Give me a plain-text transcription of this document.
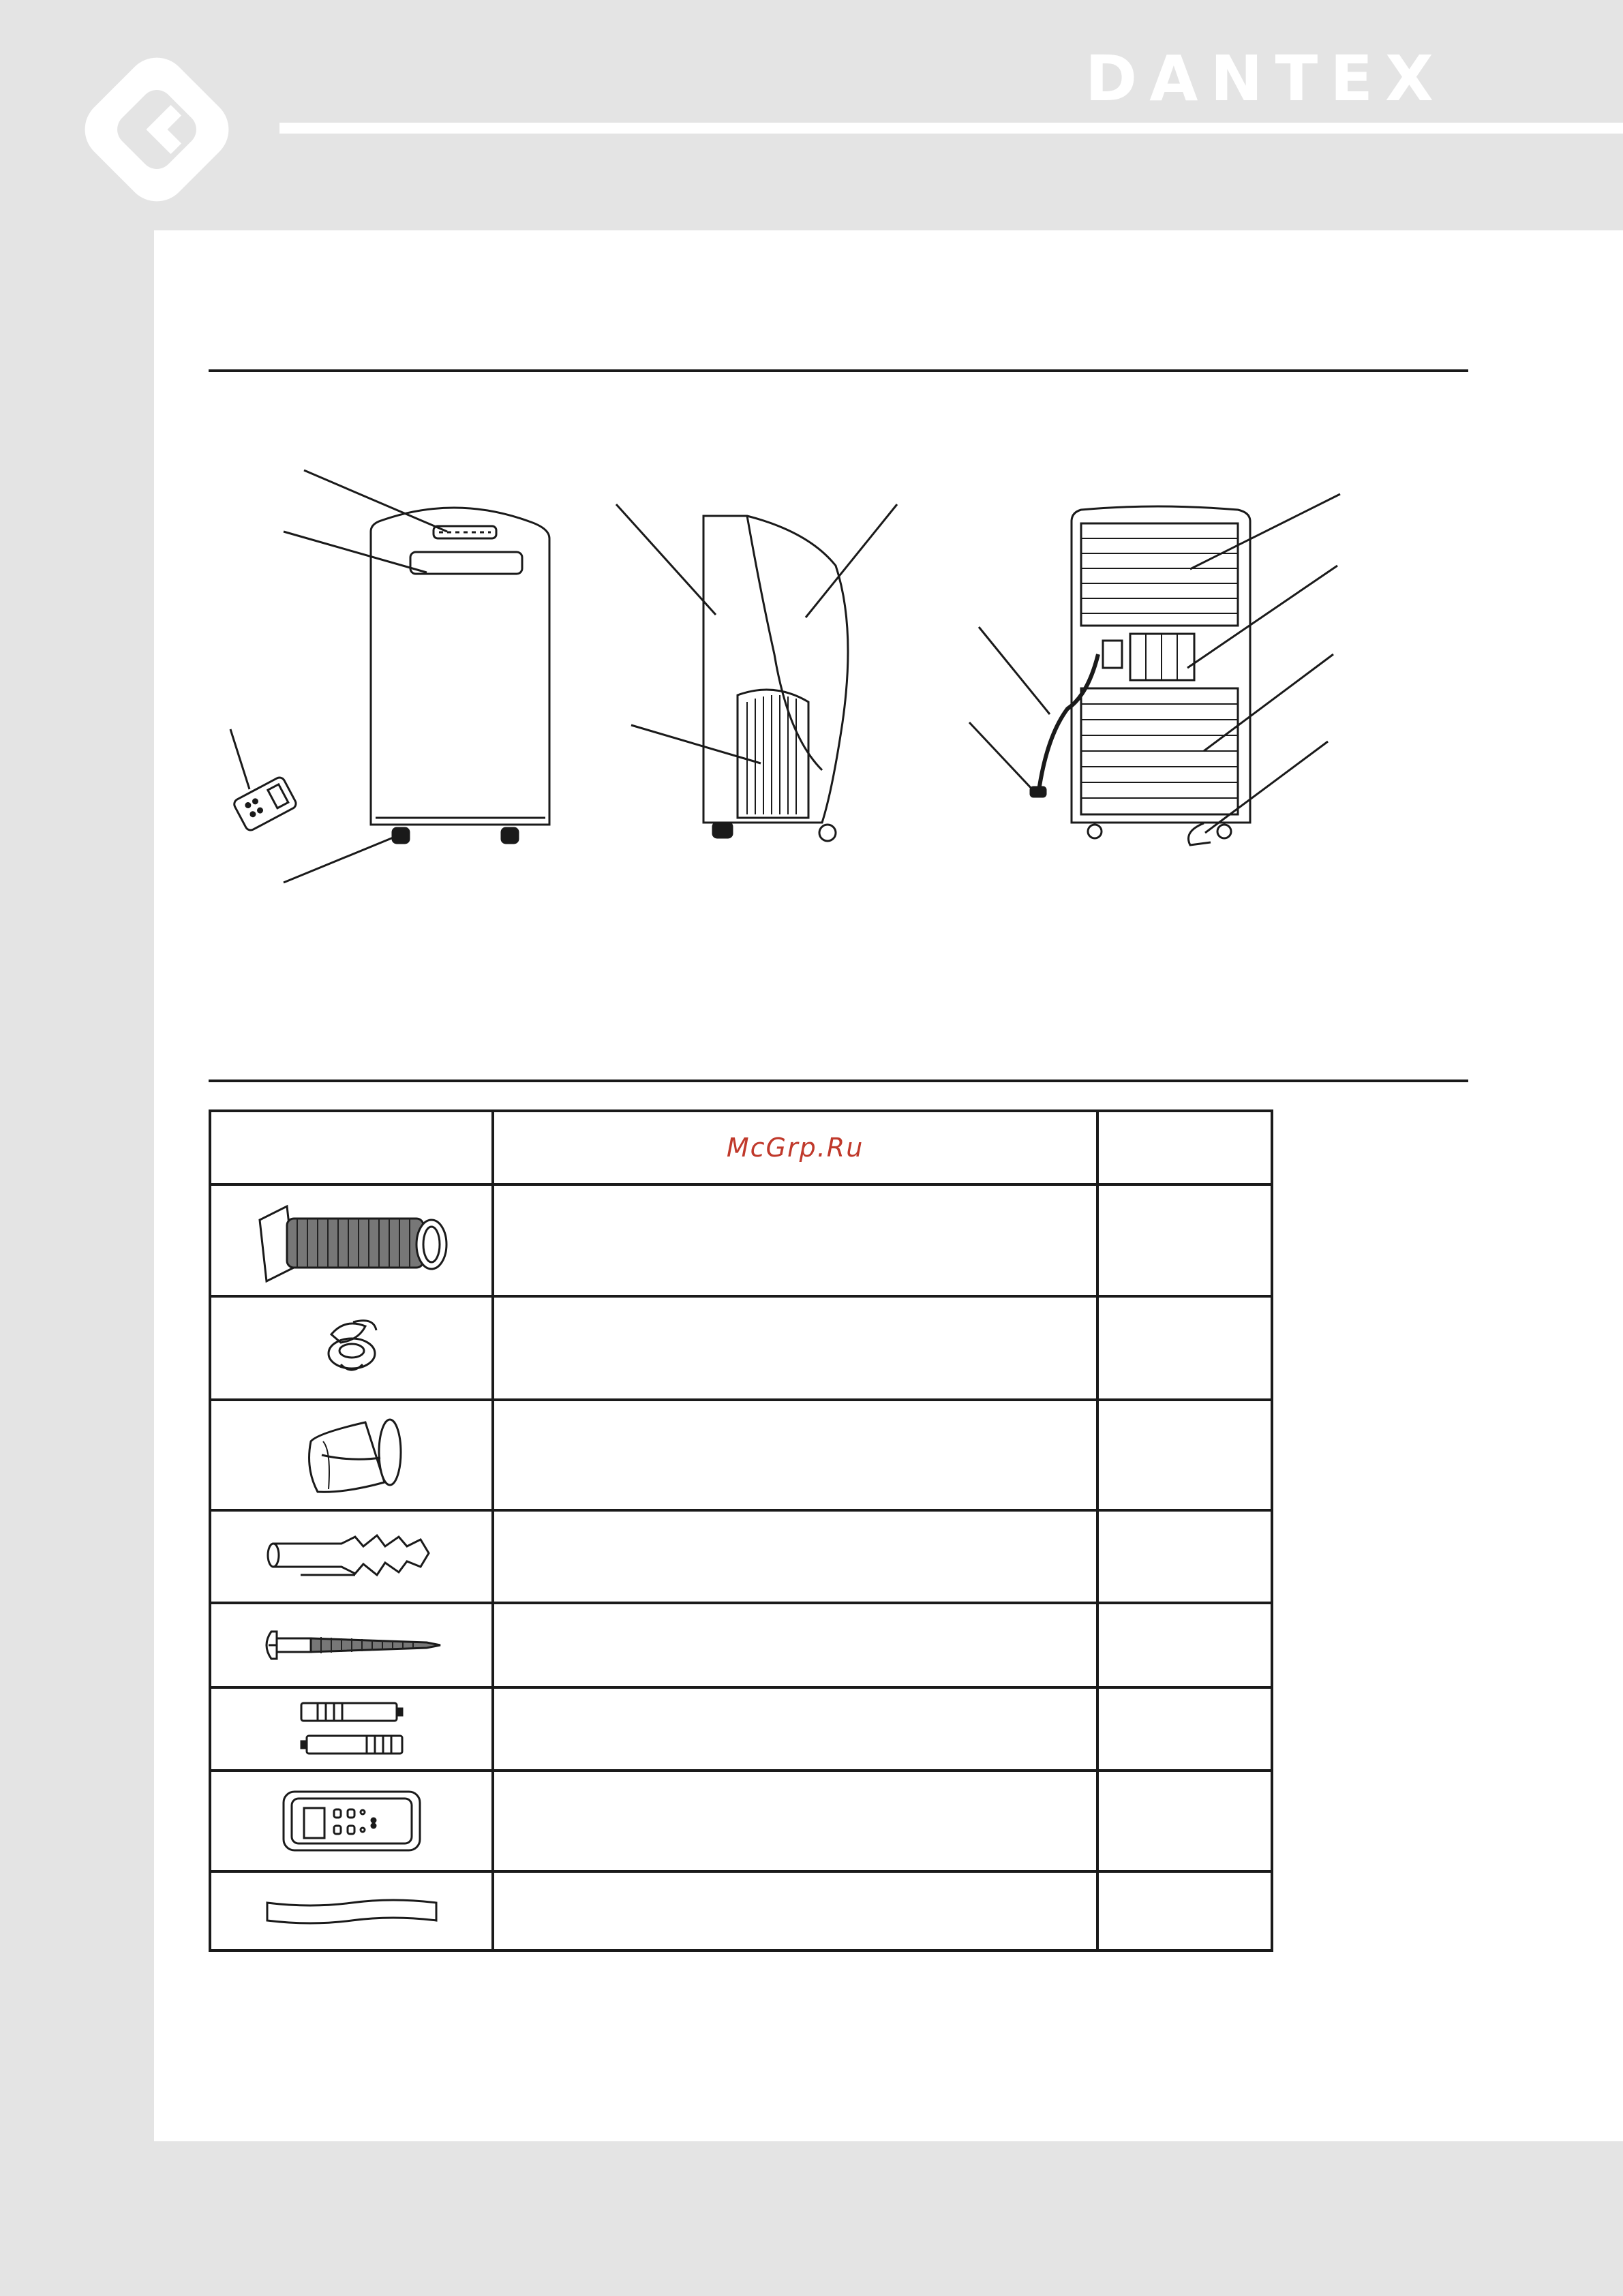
DANTEX
	McGrp.Ru	
